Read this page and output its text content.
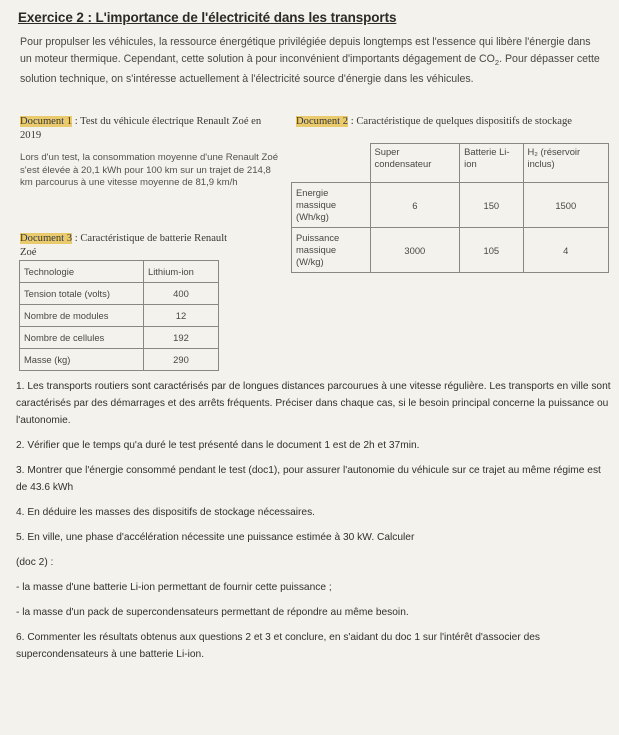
Exercice 2 : L'importance de l'électricité dans les transports
Pour propulser les véhicules, la ressource énergétique privilégiée depuis longtemps est l'essence qui libère l'énergie dans un moteur thermique. Cependant, cette solution à pour inconvénient d'importants dégagement de $CO_2$. Pour dépasser cette solution technique, on s'intéresse actuellement à l'électricité source d'énergie dans les véhicules.
Document 1 : Test du véhicule électrique Renault Zoé en 2019
Lors d'un test, la consommation moyenne d'une Renault Zoé s'est élevée à 20,1 kWh pour 100 km sur un trajet de 214,8 km parcourus à une vitesse moyenne de 81,9 km/h
Document 2 : Caractéristique de quelques dispositifs de stockage
	Super condensateur	Batterie Li-ion	H₂ (réservoir inclus)
Energie massique (Wh/kg)	6	150	1500
Puissance massique (W/kg)	3000	105	4
Document 3 : Caractéristique de batterie Renault Zoé
Technologie	Lithium-ion
Tension totale (volts)	400
Nombre de modules	12
Nombre de cellules	192
Masse (kg)	290

1. Les transports routiers sont caractérisés par de longues distances parcourues à une vitesse régulière. Les transports en ville sont caractérisés par des démarrages et des arrêts fréquents. Préciser dans chaque cas, si le besoin principal concerne la puissance ou l'autonomie.

2. Vérifier que le temps qu'a duré le test présenté dans le document 1 est de 2h et 37min.

3. Montrer que l'énergie consommé pendant le test (doc1), pour assurer l'autonomie du véhicule sur ce trajet au même régime est de 43.6 kWh

4. En déduire les masses des dispositifs de stockage nécessaires.

5. En ville, une phase d'accélération nécessite une puissance estimée à 30 kW. Calculer

(doc 2) :

- la masse d'une batterie Li-ion permettant de fournir cette puissance ;

- la masse d'un pack de supercondensateurs permettant de répondre au même besoin.

6. Commenter les résultats obtenus aux questions 2 et 3 et conclure, en s'aidant du doc 1 sur l'intérêt d'associer des supercondensateurs à une batterie Li-ion.
